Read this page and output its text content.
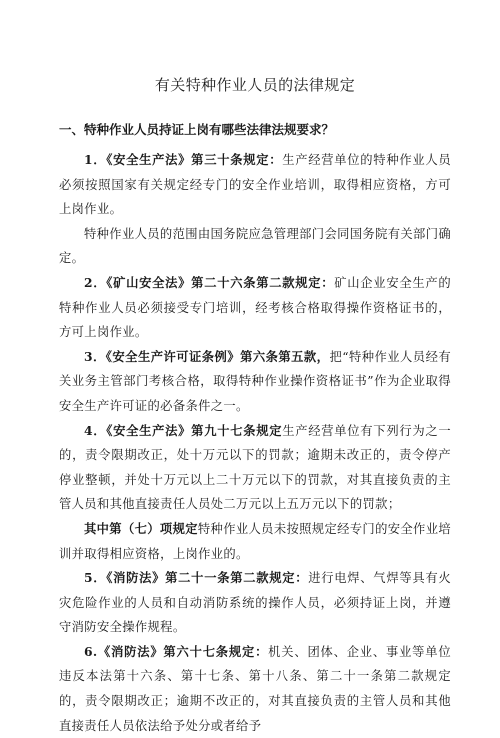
有关特种作业人员的法律规定
一、特种作业人员持证上岗有哪些法律法规要求？

1．《安全生产法》第三十条规定：生产经营单位的特种作业人员必须按照国家有关规定经专门的安全作业培训，取得相应资格，方可上岗作业。

特种作业人员的范围由国务院应急管理部门会同国务院有关部门确定。

2．《矿山安全法》第二十六条第二款规定：矿山企业安全生产的特种作业人员必须接受专门培训，经考核合格取得操作资格证书的，方可上岗作业。

3．《安全生产许可证条例》第六条第五款，把“特种作业人员经有关业务主管部门考核合格，取得特种作业操作资格证书”作为企业取得安全生产许可证的必备条件之一。

4．《安全生产法》第九十七条规定生产经营单位有下列行为之一的，责令限期改正，处十万元以下的罚款；逾期未改正的，责令停产停业整顿，并处十万元以上二十万元以下的罚款，对其直接负责的主管人员和其他直接责任人员处二万元以上五万元以下的罚款；

其中第（七）项规定特种作业人员未按照规定经专门的安全作业培训并取得相应资格，上岗作业的。

5．《消防法》第二十一条第二款规定：进行电焊、气焊等具有火灾危险作业的人员和自动消防系统的操作人员，必须持证上岗，并遵守消防安全操作规程。

6.《消防法》第六十七条规定：机关、团体、企业、事业等单位违反本法第十六条、第十七条、第十八条、第二十一条第二款规定的，责令限期改正；逾期不改正的，对其直接负责的主管人员和其他直接责任人员依法给予处分或者给予
